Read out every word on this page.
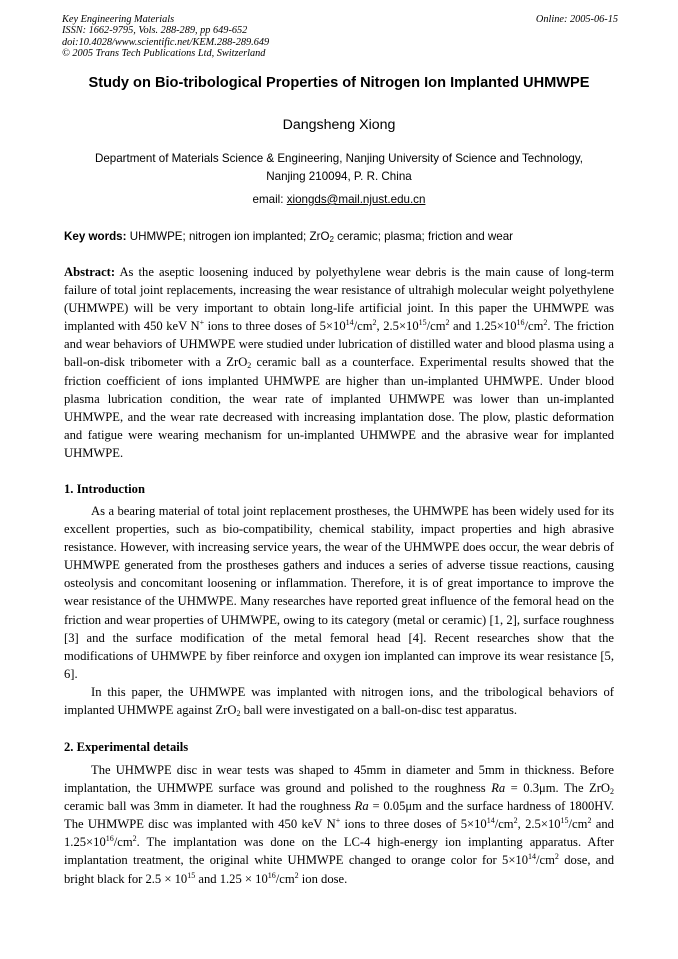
Key Engineering Materials	Online: 2005-06-15
ISSN: 1662-9795, Vols. 288-289, pp 649-652
doi:10.4028/www.scientific.net/KEM.288-289.649
© 2005 Trans Tech Publications Ltd, Switzerland
Study on Bio-tribological Properties of Nitrogen Ion Implanted UHMWPE
Dangsheng Xiong
Department of Materials Science & Engineering, Nanjing University of Science and Technology,
Nanjing 210094, P. R. China
email: xiongds@mail.njust.edu.cn
Key words: UHMWPE; nitrogen ion implanted; ZrO$_2$ ceramic; plasma; friction and wear

Abstract: As the aseptic loosening induced by polyethylene wear debris is the main cause of long-term failure of total joint replacements, increasing the wear resistance of ultrahigh molecular weight polyethylene (UHMWPE) will be very important to obtain long-life artificial joint. In this paper the UHMWPE was implanted with 450 keV N+ ions to three doses of $5\times 10^{14}/cm^2$, $2.5\times 10^{15}/cm^2$ and $1.25\times 10^{16}/cm^2$. The friction and wear behaviors of UHMWPE were studied under lubrication of distilled water and blood plasma using a ball-on-disk tribometer with a ZrO$_2$ ceramic ball as a counterface. Experimental results showed that the friction coefficient of ions implanted UHMWPE are higher than un-implanted UHMWPE. Under blood plasma lubrication condition, the wear rate of implanted UHMWPE was lower than un-implanted UHMWPE, and the wear rate decreased with increasing implantation dose. The plow, plastic deformation and fatigue were wearing mechanism for un-implanted UHMWPE and the abrasive wear for implanted UHMWPE.

1. Introduction

As a bearing material of total joint replacement prostheses, the UHMWPE has been widely used for its excellent properties, such as bio-compatibility, chemical stability, impact properties and high abrasive resistance. However, with increasing service years, the wear of the UHMWPE does occur, the wear debris of UHMWPE generated from the prostheses gathers and induces a series of adverse tissue reactions, causing osteolysis and concomitant loosening or inflammation. Therefore, it is of great importance to improve the wear resistance of the UHMWPE. Many researches have reported great influence of the femoral head on the friction and wear properties of UHMWPE, owing to its category (metal or ceramic) [1, 2], surface roughness [3] and the surface modification of the metal femoral head [4]. Recent researches show that the modifications of UHMWPE by fiber reinforce and oxygen ion implanted can improve its wear resistance [5, 6].

In this paper, the UHMWPE was implanted with nitrogen ions, and the tribological behaviors of implanted UHMWPE against ZrO$_2$ ball were investigated on a ball-on-disc test apparatus.

2. Experimental details

The UHMWPE disc in wear tests was shaped to 45mm in diameter and 5mm in thickness. Before implantation, the UHMWPE surface was ground and polished to the roughness Ra = 0.3μm. The ZrO$_2$ ceramic ball was 3mm in diameter. It had the roughness Ra = 0.05μm and the surface hardness of 1800HV. The UHMWPE disc was implanted with 450 keV N+ ions to three doses of $5\times 10^{14}/cm^2$, $2.5\times 10^{15}/cm^2$ and $1.25\times 10^{16}/cm^2$. The implantation was done on the LC-4 high-energy ion implanting apparatus. After implantation treatment, the original white UHMWPE changed to orange color for $5\times 10^{14}/cm^2$ dose, and bright black for $2.5 \times 10^{15}$ and $1.25 \times 10^{16}/cm^2$ ion dose.
